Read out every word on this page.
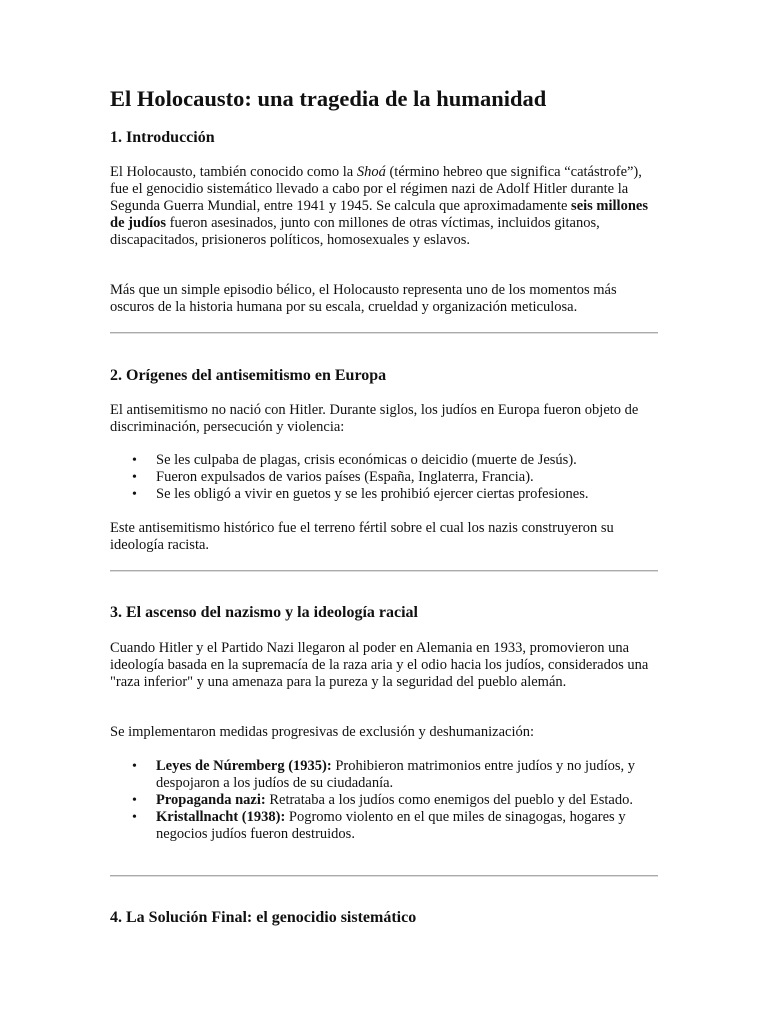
El Holocausto: una tragedia de la humanidad
1. Introducción

El Holocausto, también conocido como la Shoá (término hebreo que significa “catástrofe”), fue el genocidio sistemático llevado a cabo por el régimen nazi de Adolf Hitler durante la Segunda Guerra Mundial, entre 1941 y 1945. Se calcula que aproximadamente seis millones de judíos fueron asesinados, junto con millones de otras víctimas, incluidos gitanos, discapacitados, prisioneros políticos, homosexuales y eslavos.

Más que un simple episodio bélico, el Holocausto representa uno de los momentos más oscuros de la historia humana por su escala, crueldad y organización meticulosa.

2. Orígenes del antisemitismo en Europa

El antisemitismo no nació con Hitler. Durante siglos, los judíos en Europa fueron objeto de discriminación, persecución y violencia:

• Se les culpaba de plagas, crisis económicas o deicidio (muerte de Jesús).
• Fueron expulsados de varios países (España, Inglaterra, Francia).
• Se les obligó a vivir en guetos y se les prohibió ejercer ciertas profesiones.

Este antisemitismo histórico fue el terreno fértil sobre el cual los nazis construyeron su ideología racista.

3. El ascenso del nazismo y la ideología racial

Cuando Hitler y el Partido Nazi llegaron al poder en Alemania en 1933, promovieron una ideología basada en la supremacía de la raza aria y el odio hacia los judíos, considerados una "raza inferior" y una amenaza para la pureza y la seguridad del pueblo alemán.

Se implementaron medidas progresivas de exclusión y deshumanización:

• Leyes de Núremberg (1935): Prohibieron matrimonios entre judíos y no judíos, y despojaron a los judíos de su ciudadanía.
• Propaganda nazi: Retrataba a los judíos como enemigos del pueblo y del Estado.
• Kristallnacht (1938): Pogromo violento en el que miles de sinagogas, hogares y negocios judíos fueron destruidos.
4. La Solución Final: el genocidio sistemático
